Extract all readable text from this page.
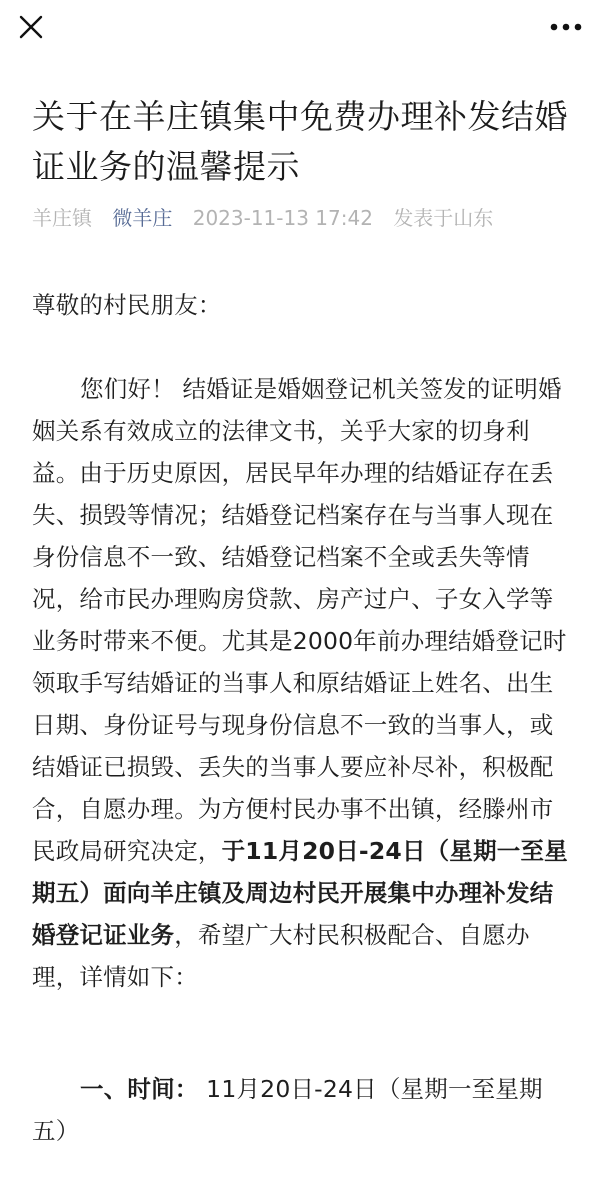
关于在羊庄镇集中免费办理补发结婚证业务的温馨提示
羊庄镇 微羊庄 2023-11-13 17:42 发表于山东

尊敬的村民朋友：

您们好！ 结婚证是婚姻登记机关签发的证明婚姻关系有效成立的法律文书，关乎大家的切身利益。由于历史原因，居民早年办理的结婚证存在丢失、损毁等情况；结婚登记档案存在与当事人现在身份信息不一致、结婚登记档案不全或丢失等情况，给市民办理购房贷款、房产过户、子女入学等业务时带来不便。尤其是2000年前办理结婚登记时领取手写结婚证的当事人和原结婚证上姓名、出生日期、身份证号与现身份信息不一致的当事人，或结婚证已损毁、丢失的当事人要应补尽补，积极配合，自愿办理。为方便村民办事不出镇，经滕州市民政局研究决定，于11月20日-24日（星期一至星期五）面向羊庄镇及周边村民开展集中办理补发结婚登记证业务，希望广大村民积极配合、自愿办理，详情如下：

一、时间： 11月20日-24日（星期一至星期五）
